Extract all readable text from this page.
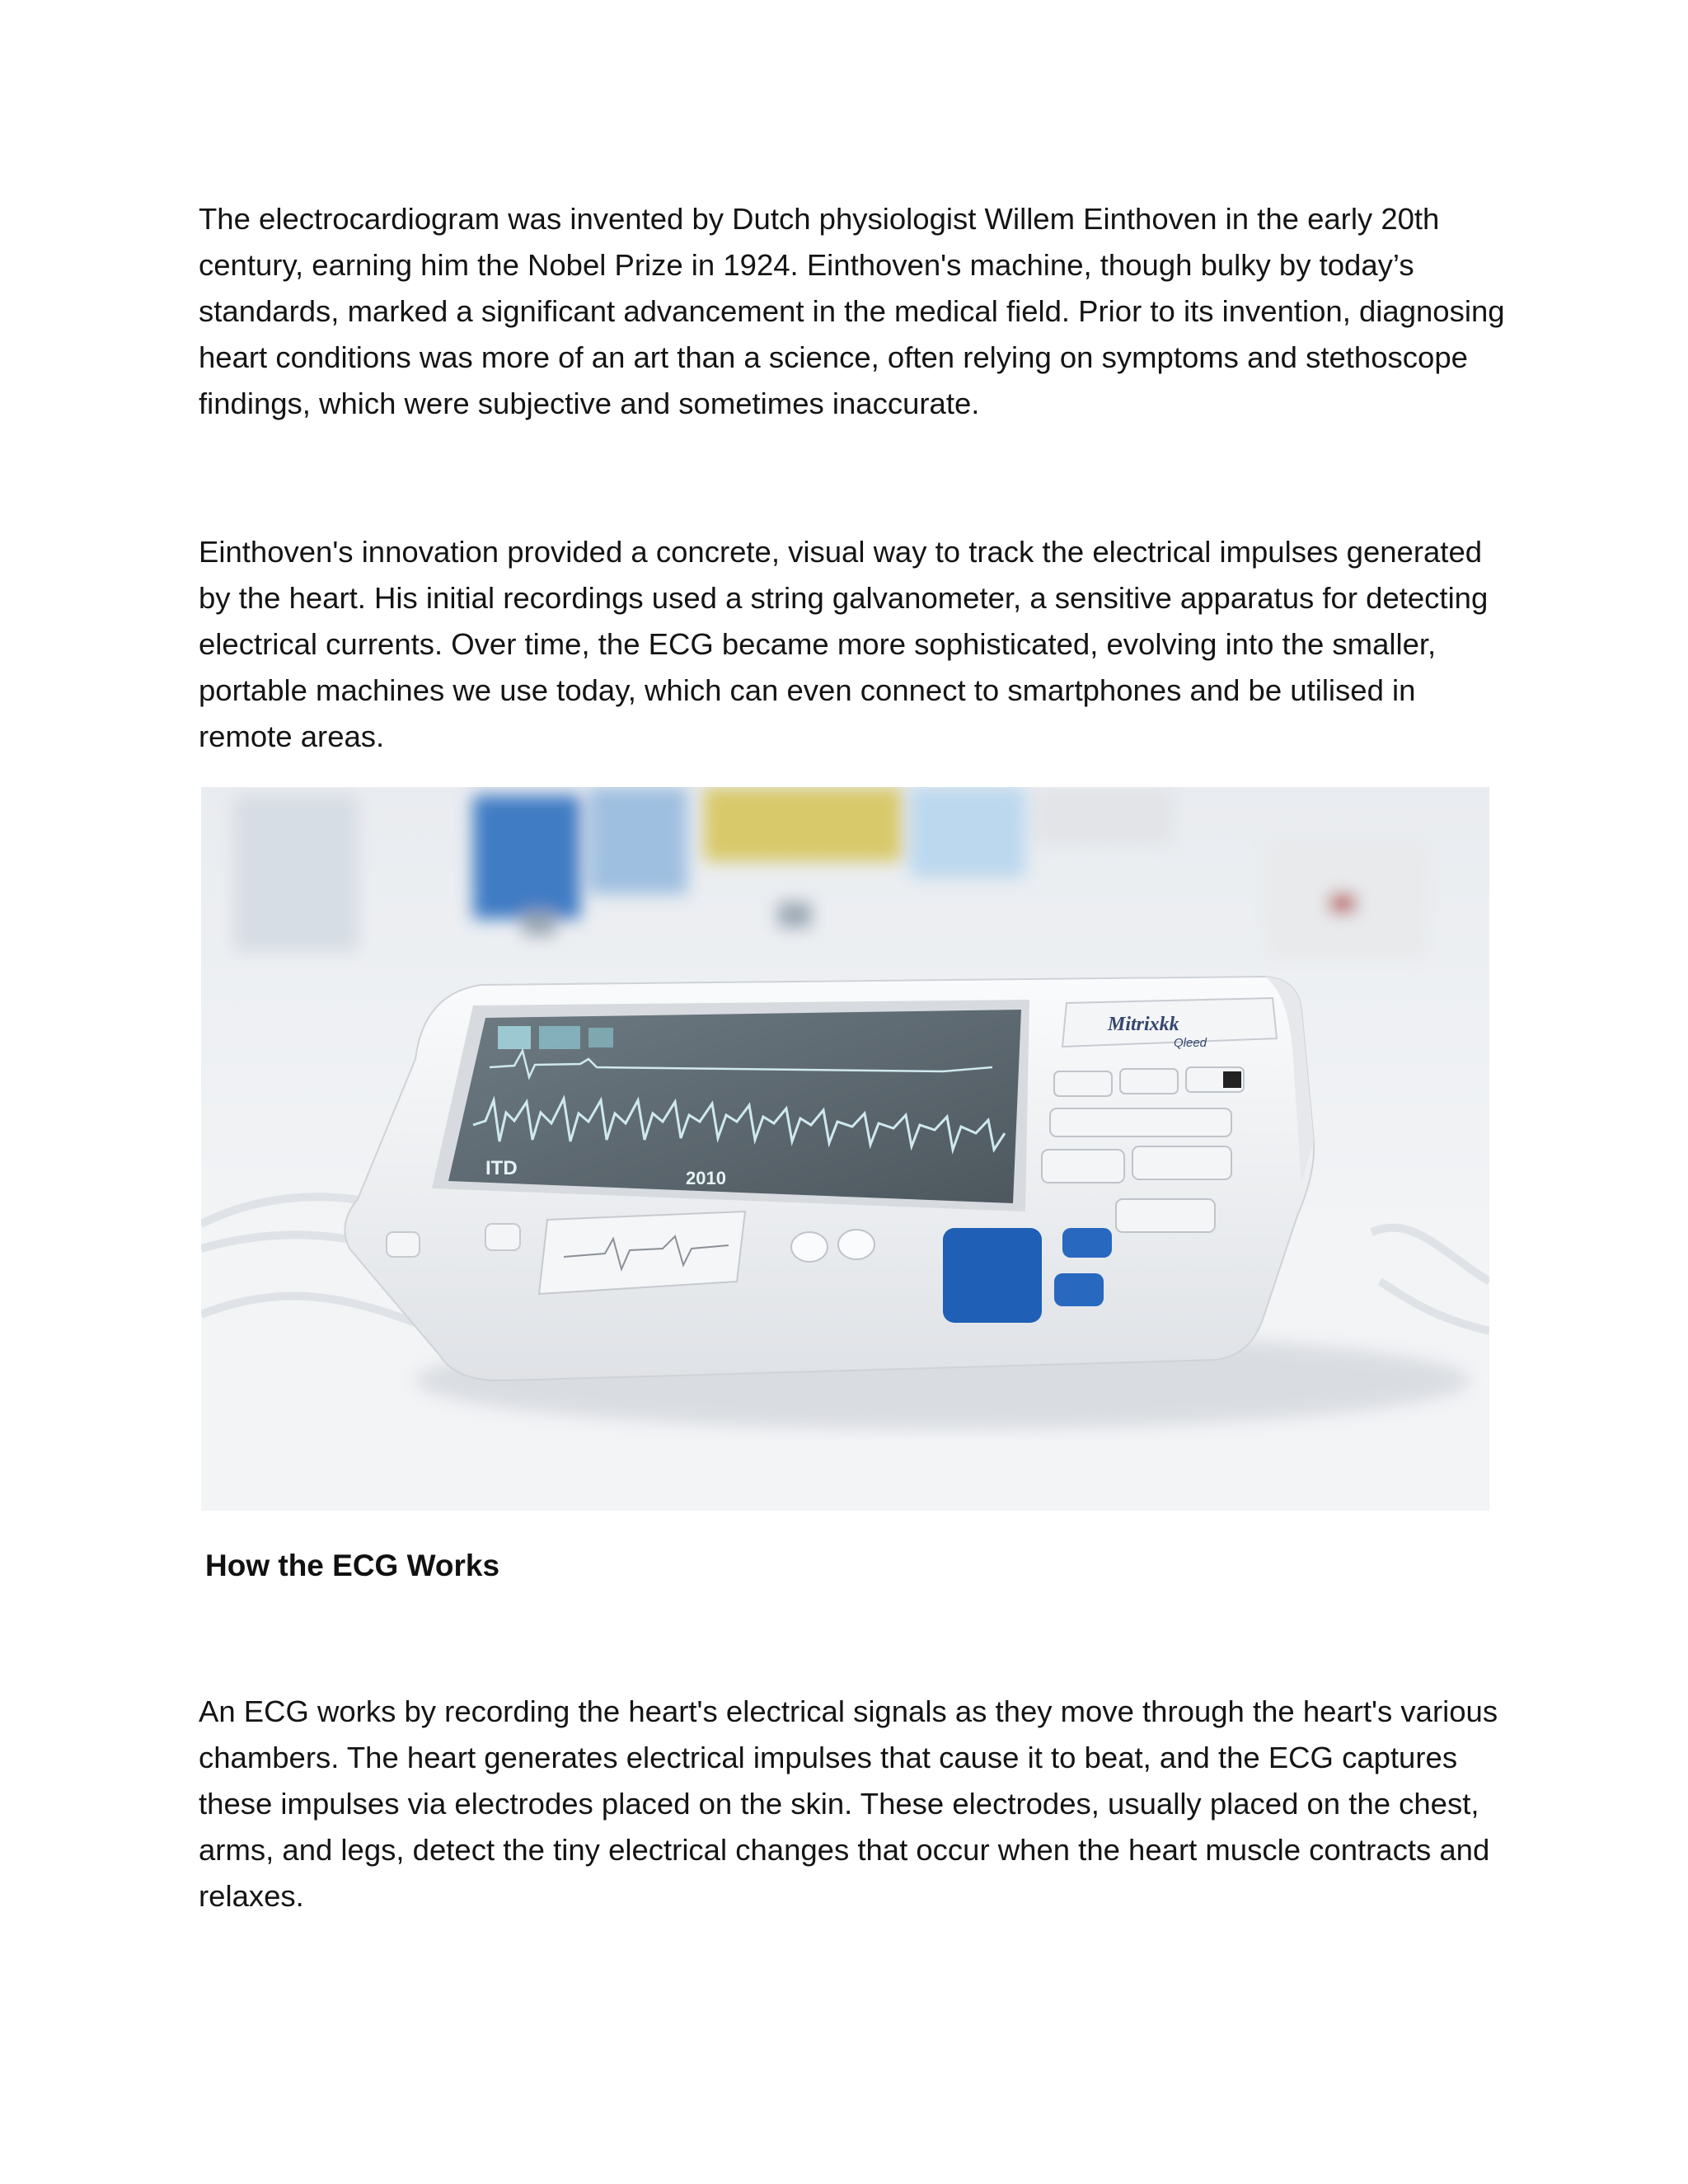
The electrocardiogram was invented by Dutch physiologist Willem Einthoven in the early 20th century, earning him the Nobel Prize in 1924. Einthoven's machine, though bulky by today’s standards, marked a significant advancement in the medical field. Prior to its invention, diagnosing heart conditions was more of an art than a science, often relying on symptoms and stethoscope findings, which were subjective and sometimes inaccurate.

Einthoven's innovation provided a concrete, visual way to track the electrical impulses generated by the heart. His initial recordings used a string galvanometer, a sensitive apparatus for detecting electrical currents. Over time, the ECG became more sophisticated, evolving into the smaller, portable machines we use today, which can even connect to smartphones and be utilised in remote areas.

ITD	2010
Mitrixkk
Qleed
How the ECG Works

An ECG works by recording the heart's electrical signals as they move through the heart's various chambers. The heart generates electrical impulses that cause it to beat, and the ECG captures these impulses via electrodes placed on the skin. These electrodes, usually placed on the chest, arms, and legs, detect the tiny electrical changes that occur when the heart muscle contracts and relaxes.
